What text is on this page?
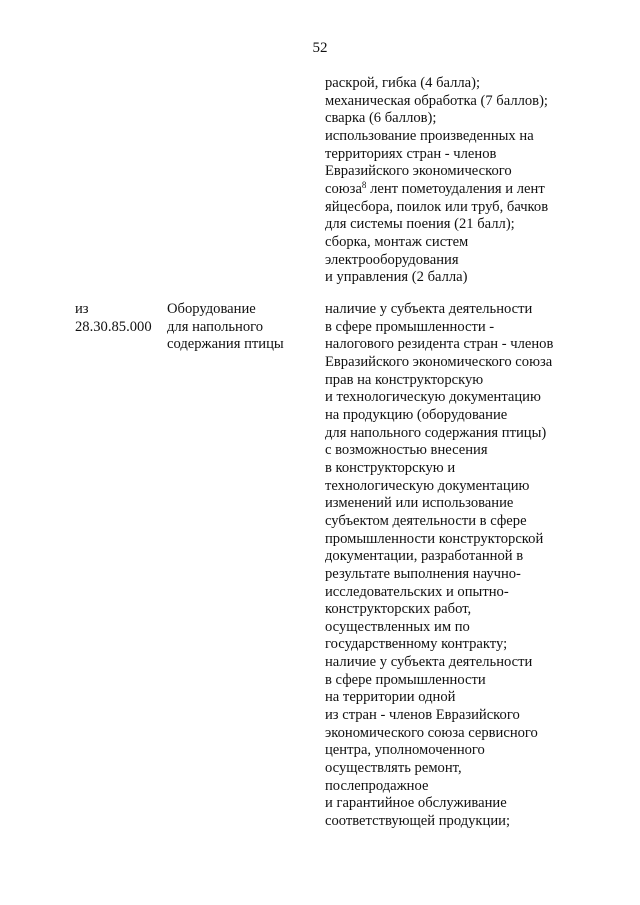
52
раскрой, гибка (4 балла);
механическая обработка (7 баллов);
сварка (6 баллов);
использование произведенных на
территориях стран - членов
Евразийского экономического
союза$^8$ лент пометоудаления и лент
яйцесбора, поилок или труб, бачков
для системы поения (21 балл);
сборка, монтаж систем
электрооборудования
и управления (2 балла)
из
28.30.85.000
Оборудование
для напольного
содержания птицы
наличие у субъекта деятельности
в сфере промышленности -
налогового резидента стран - членов
Евразийского экономического союза
прав на конструкторскую
и технологическую документацию
на продукцию (оборудование
для напольного содержания птицы)
с возможностью внесения
в конструкторскую и
технологическую документацию
изменений или использование
субъектом деятельности в сфере
промышленности конструкторской
документации, разработанной в
результате выполнения научно-
исследовательских и опытно-
конструкторских работ,
осуществленных им по
государственному контракту;
наличие у субъекта деятельности
в сфере промышленности
на территории одной
из стран - членов Евразийского
экономического союза сервисного
центра, уполномоченного
осуществлять ремонт,
послепродажное
и гарантийное обслуживание
соответствующей продукции;
